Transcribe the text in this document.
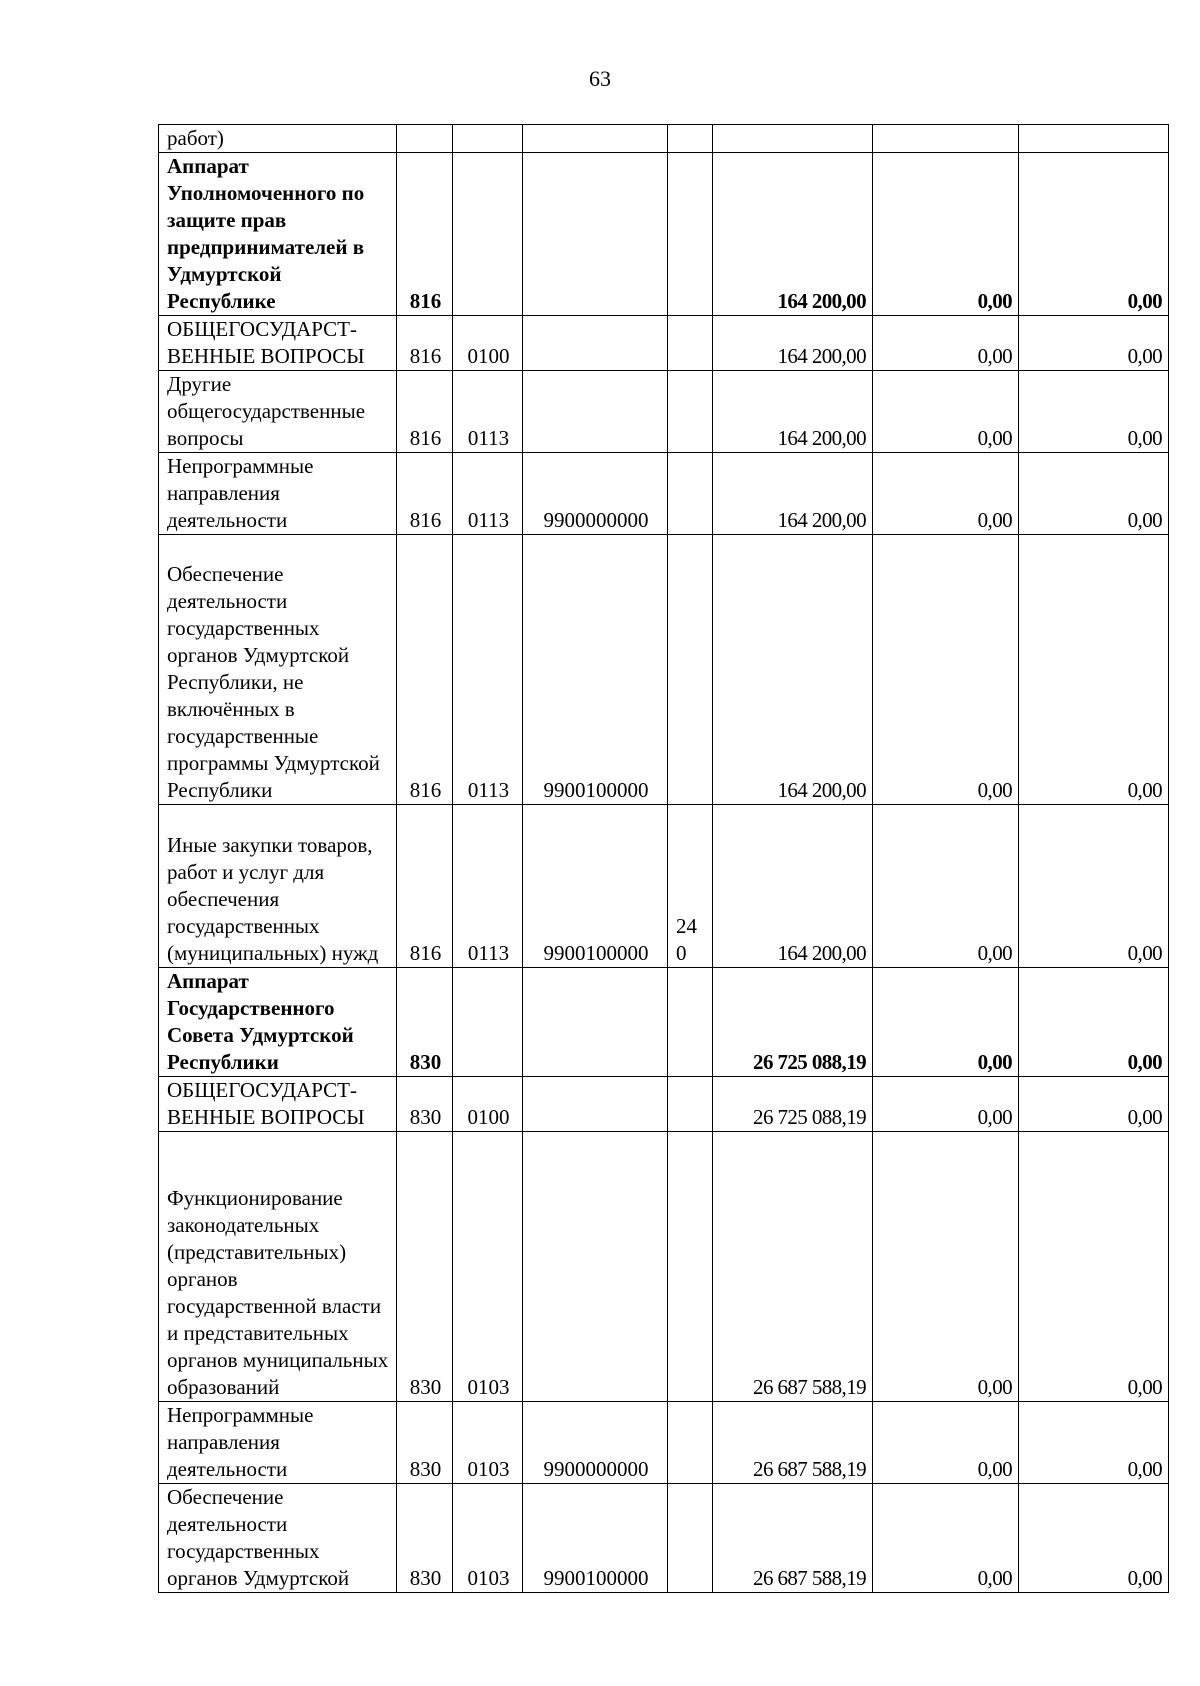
63
работ)							
Аппарат Уполномоченного по защите прав предпринимателей в Удмуртской Республике	816				164 200,00	0,00	0,00
ОБЩЕГОСУДАРСТ-ВЕННЫЕ ВОПРОСЫ	816	0100			164 200,00	0,00	0,00
Другие общегосударственные вопросы	816	0113			164 200,00	0,00	0,00
Непрограммные направления деятельности	816	0113	9900000000		164 200,00	0,00	0,00
Обеспечение деятельности государственных органов Удмуртской Республики, не включённых в государственные программы Удмуртской Республики	816	0113	9900100000		164 200,00	0,00	0,00
Иные закупки товаров, работ и услуг для обеспечения государственных (муниципальных) нужд	816	0113	9900100000	240	164 200,00	0,00	0,00
Аппарат Государственного Совета Удмуртской Республики	830				26 725 088,19	0,00	0,00
ОБЩЕГОСУДАРСТ-ВЕННЫЕ ВОПРОСЫ	830	0100			26 725 088,19	0,00	0,00
Функционирование законодательных (представительных) органов государственной власти и представительных органов муниципальных образований	830	0103			26 687 588,19	0,00	0,00
Непрограммные направления деятельности	830	0103	9900000000		26 687 588,19	0,00	0,00
Обеспечение деятельности государственных органов Удмуртской	830	0103	9900100000		26 687 588,19	0,00	0,00
